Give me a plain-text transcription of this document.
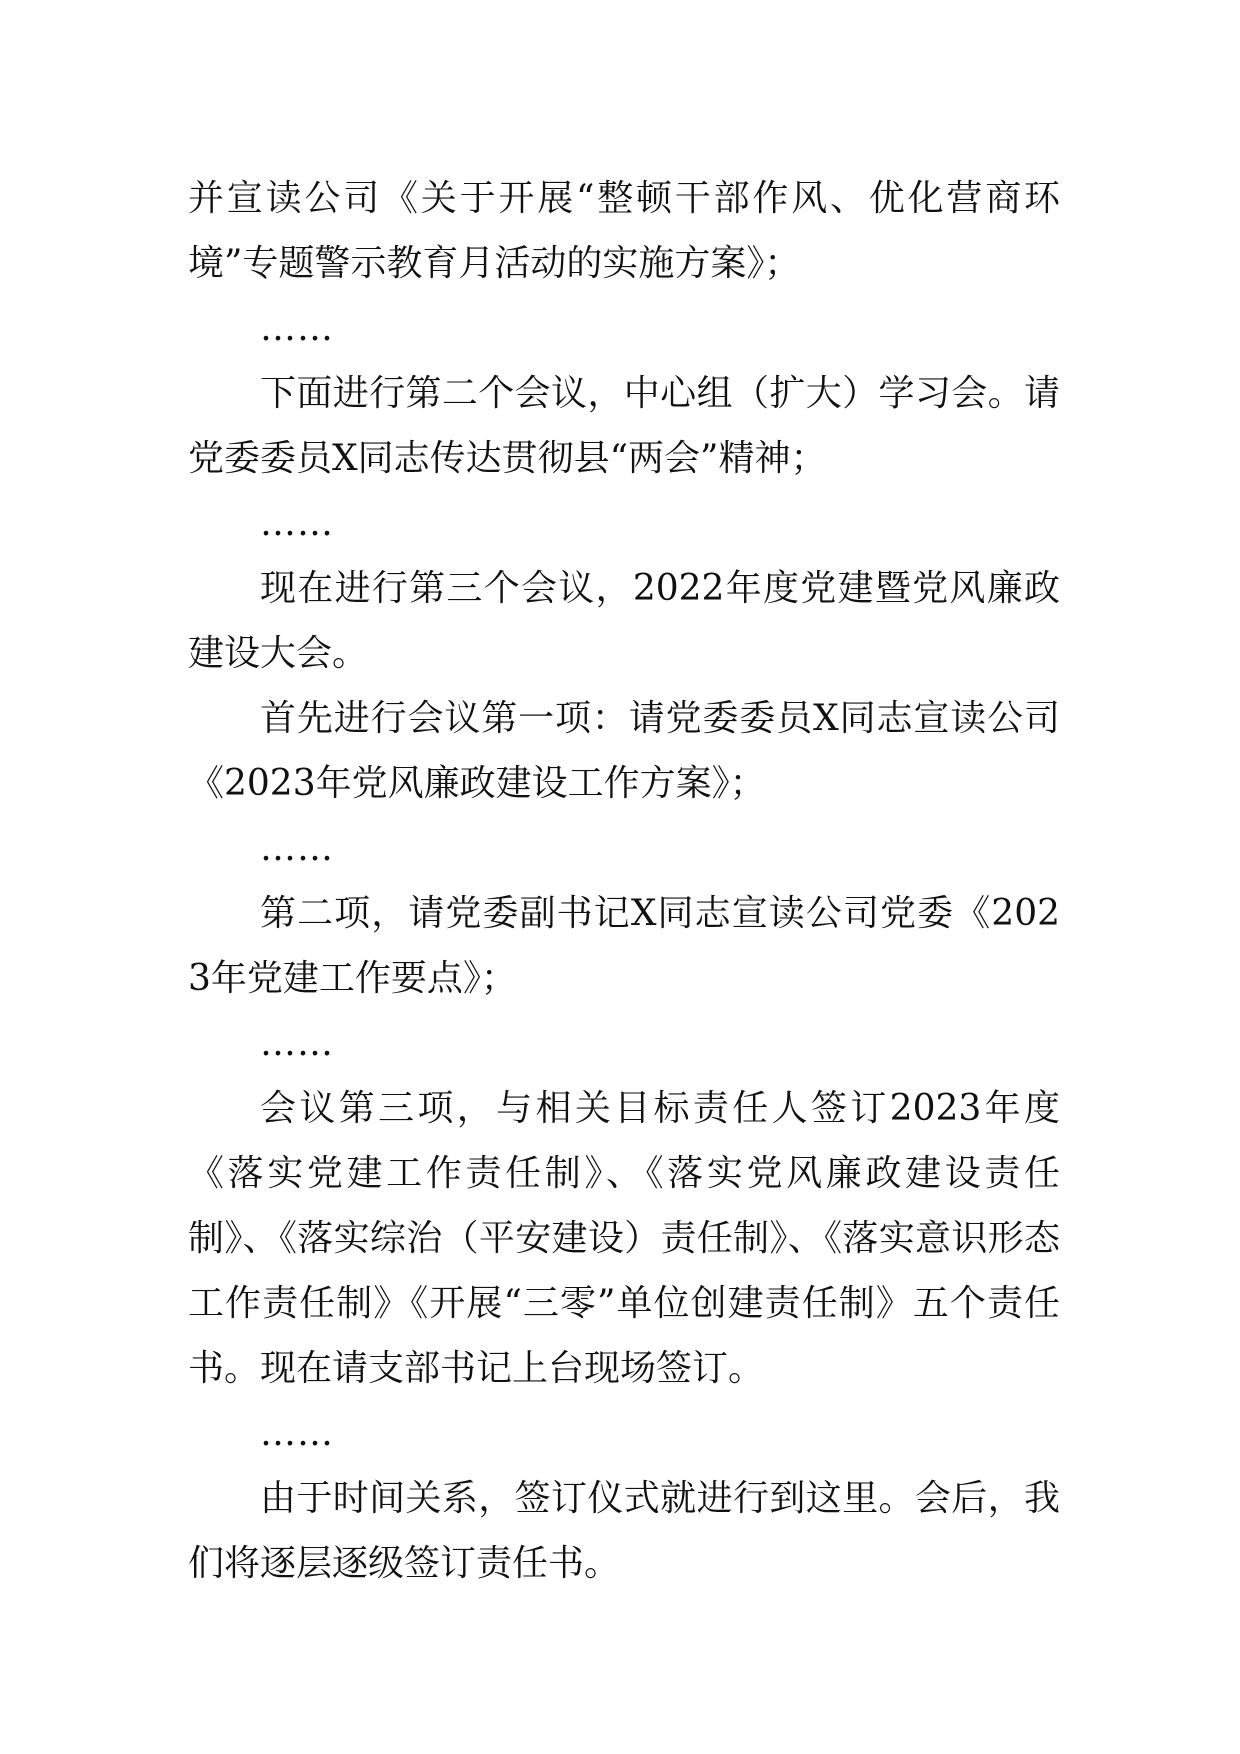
并宣读公司《关于开展“整顿干部作风、优化营商环境”专题警示教育月活动的实施方案》；

……

下面进行第二个会议，中心组（扩大）学习会。请党委委员X同志传达贯彻县“两会”精神；

……

现在进行第三个会议，2022年度党建暨党风廉政建设大会。

首先进行会议第一项：请党委委员X同志宣读公司《2023年党风廉政建设工作方案》；

……

第二项，请党委副书记X同志宣读公司党委《2023年党建工作要点》；

……

会议第三项，与相关目标责任人签订2023年度《落实党建工作责任制》、《落实党风廉政建设责任制》、《落实综治（平安建设）责任制》、《落实意识形态工作责任制》《开展“三零”单位创建责任制》五个责任书。现在请支部书记上台现场签订。

……

由于时间关系，签订仪式就进行到这里。会后，我们将逐层逐级签订责任书。
